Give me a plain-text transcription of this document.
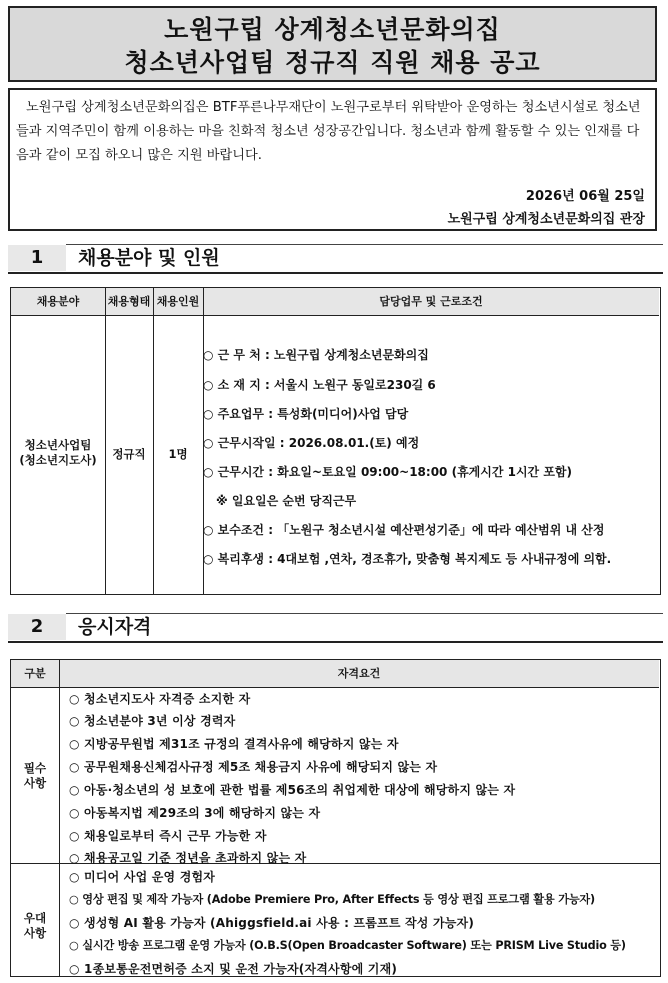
노원구립 상계청소년문화의집
청소년사업팀 정규직 직원 채용 공고
노원구립 상계청소년문화의집은 BTF푸른나무재단이 노원구로부터 위탁받아 운영하는 청소년시설로 청소년들과 지역주민이 함께 이용하는 마을 친화적 청소년 성장공간입니다. 청소년과 함께 활동할 수 있는 인재를 다음과 같이 모집 하오니 많은 지원 바랍니다.
2026년 06월 25일
노원구립 상계청소년문화의집 관장
1	채용분야 및 인원
채용분야	채용형태 채용인원	담당업무 및 근로조건
청소년사업팀
(청소년지도사)	정규직	1명
○ 근 무 처 : 노원구립 상계청소년문화의집
○ 소 재 지 : 서울시 노원구 동일로230길 6
○ 주요업무 : 특성화(미디어)사업 담당
○ 근무시작일 : 2026.08.01.(토) 예정
○ 근무시간 : 화요일~토요일 09:00~18:00 (휴게시간 1시간 포함)
※ 일요일은 순번 당직근무
○ 보수조건 : 「노원구 청소년시설 예산편성기준」에 따라 예산범위 내 산정
○ 복리후생 : 4대보험 ,연차, 경조휴가, 맞춤형 복지제도 등 사내규정에 의함.
2	응시자격
구분	자격요건
필수
사항
○ 청소년지도사 자격증 소지한 자
○ 청소년분야 3년 이상 경력자
○ 지방공무원법 제31조 규정의 결격사유에 해당하지 않는 자
○ 공무원채용신체검사규정 제5조 채용금지 사유에 해당되지 않는 자
○ 아동·청소년의 성 보호에 관한 법률 제56조의 취업제한 대상에 해당하지 않는 자
○ 아동복지법 제29조의 3에 해당하지 않는 자
○ 채용일로부터 즉시 근무 가능한 자
○ 채용공고일 기준 정년을 초과하지 않는 자
우대
사항
○ 미디어 사업 운영 경험자
○ 영상 편집 및 제작 가능자 (Adobe Premiere Pro, After Effects 등 영상 편집 프로그램 활용 가능자)
○ 생성형 AI 활용 가능자 (Ahiggsfield.ai 사용 : 프롬프트 작성 가능자)
○ 실시간 방송 프로그램 운영 가능자 (O.B.S(Open Broadcaster Software) 또는 PRISM Live Studio 등)
○ 1종보통운전면허증 소지 및 운전 가능자(자격사항에 기재)
